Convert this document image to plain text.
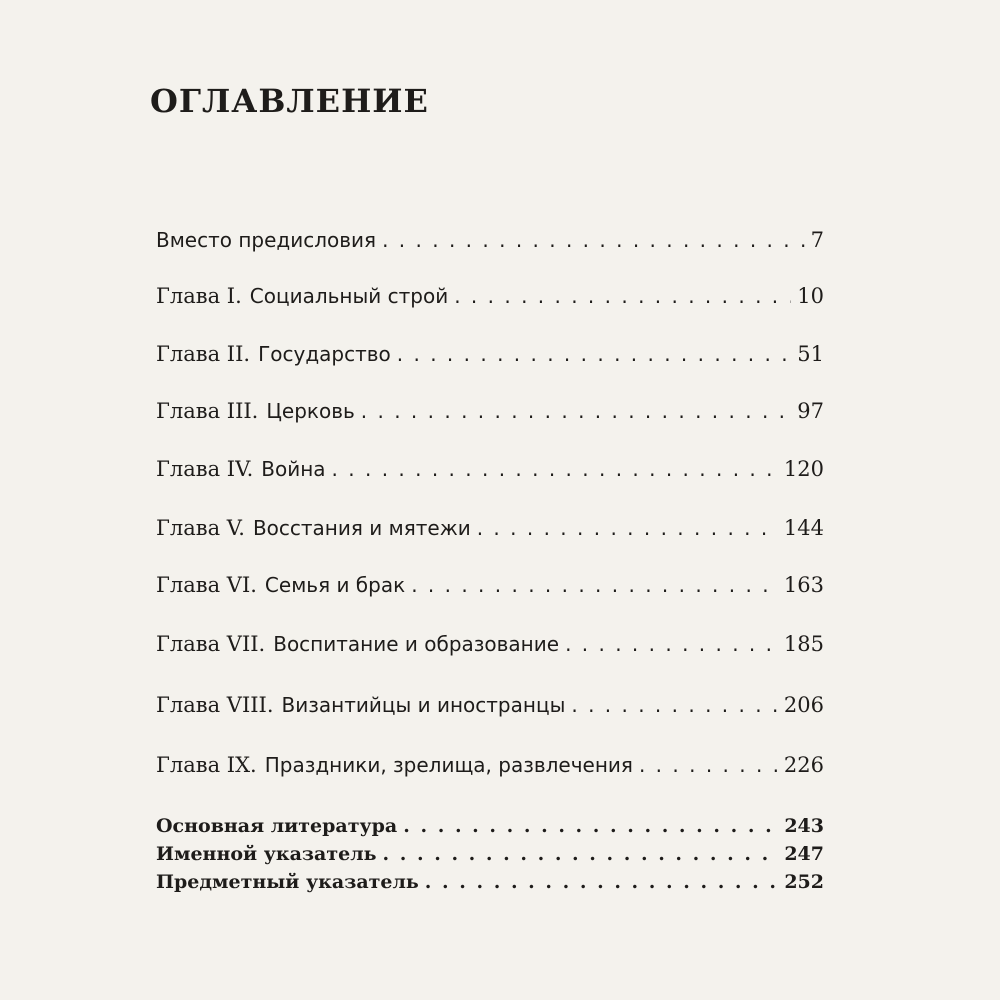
ОГЛАВЛЕНИЕ
Вместо предисловия . . .	7
Глава I. Социальный строй . . .	10
Глава II. Государство . . .	51
Глава III. Церковь . . .	97
Глава IV. Война . . .	120
Глава V. Восстания и мятежи . . .	144
Глава VI. Семья и брак . . .	163
Глава VII. Воспитание и образование . . .	185
Глава VIII. Византийцы и иностранцы . . .	206
Глава IX. Праздники, зрелища, развлечения . . .	226
Основная литература . . .	243
Именной указатель . . .	247
Предметный указатель . . .	252
